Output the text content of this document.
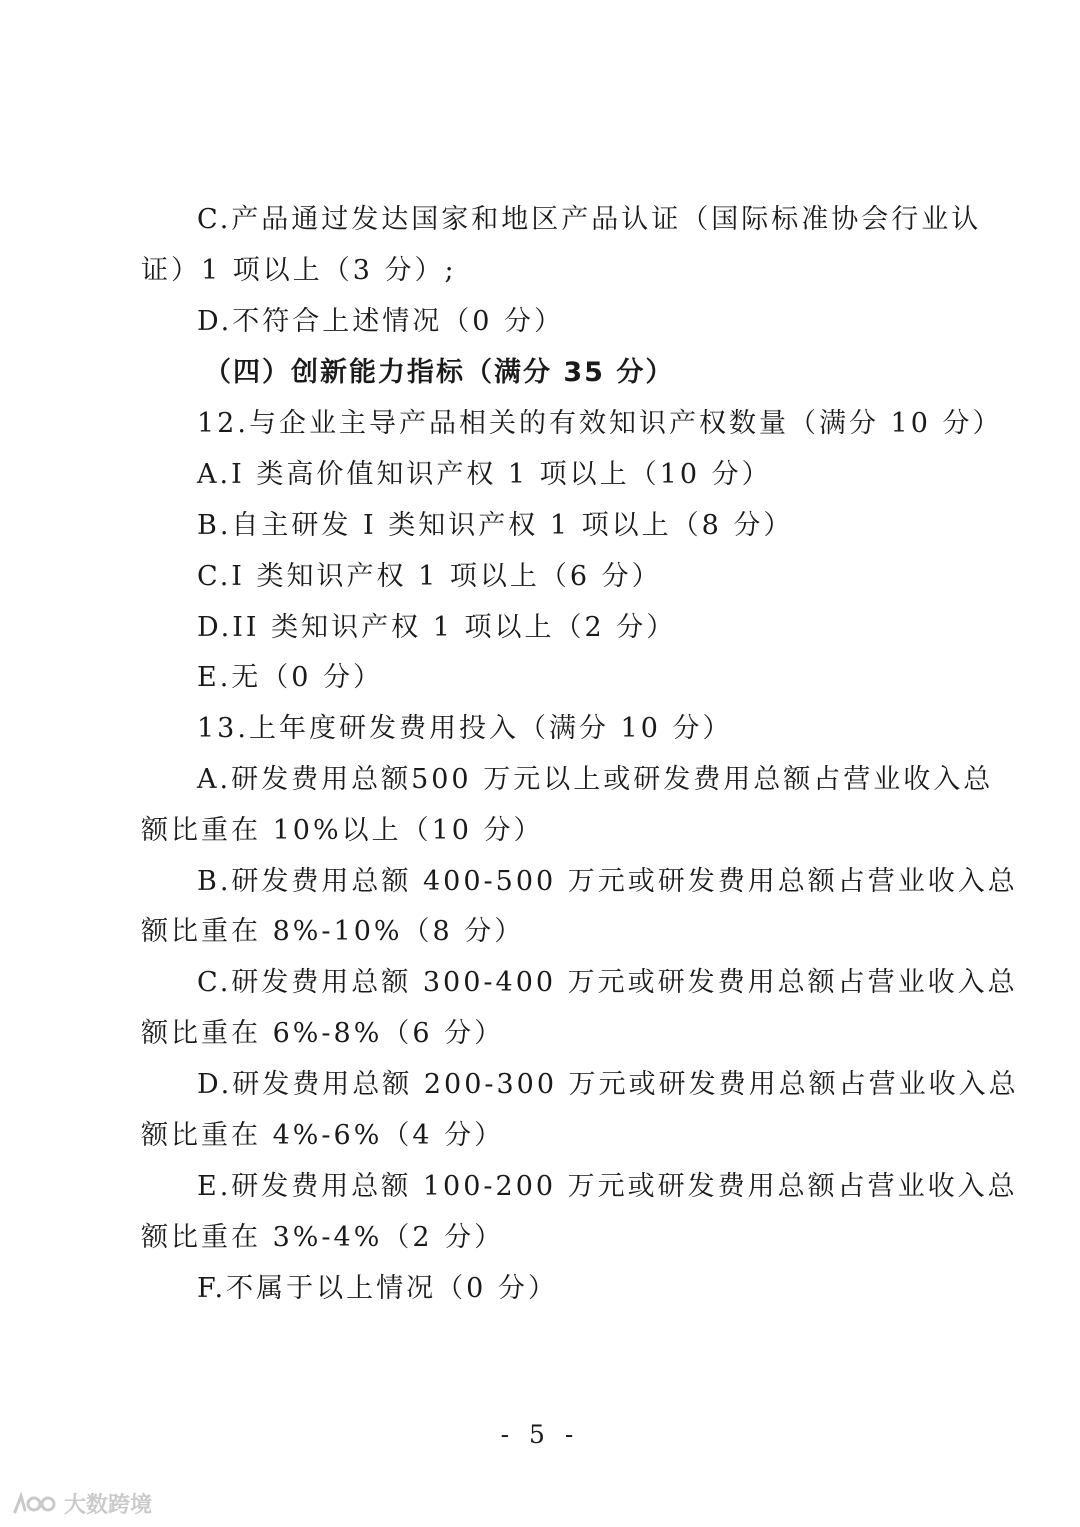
C.产品通过发达国家和地区产品认证（国际标准协会行业认
证）1 项以上（3 分）;
D.不符合上述情况（0 分）
（四）创新能力指标（满分 35 分）
12.与企业主导产品相关的有效知识产权数量（满分 10 分）
A.I 类高价值知识产权 1 项以上（10 分）
B.自主研发 I 类知识产权 1 项以上（8 分）
C.I 类知识产权 1 项以上（6 分）
D.II 类知识产权 1 项以上（2 分）
E.无（0 分）
13.上年度研发费用投入（满分 10 分）
A.研发费用总额500 万元以上或研发费用总额占营业收入总
额比重在 10%以上（10 分）
B.研发费用总额 400-500 万元或研发费用总额占营业收入总
额比重在 8%-10%（8 分）
C.研发费用总额 300-400 万元或研发费用总额占营业收入总
额比重在 6%-8%（6 分）
D.研发费用总额 200-300 万元或研发费用总额占营业收入总
额比重在 4%-6%（4 分）
E.研发费用总额 100-200 万元或研发费用总额占营业收入总
额比重在 3%-4%（2 分）
F.不属于以上情况（0 分）
- 5 -
大数跨境
